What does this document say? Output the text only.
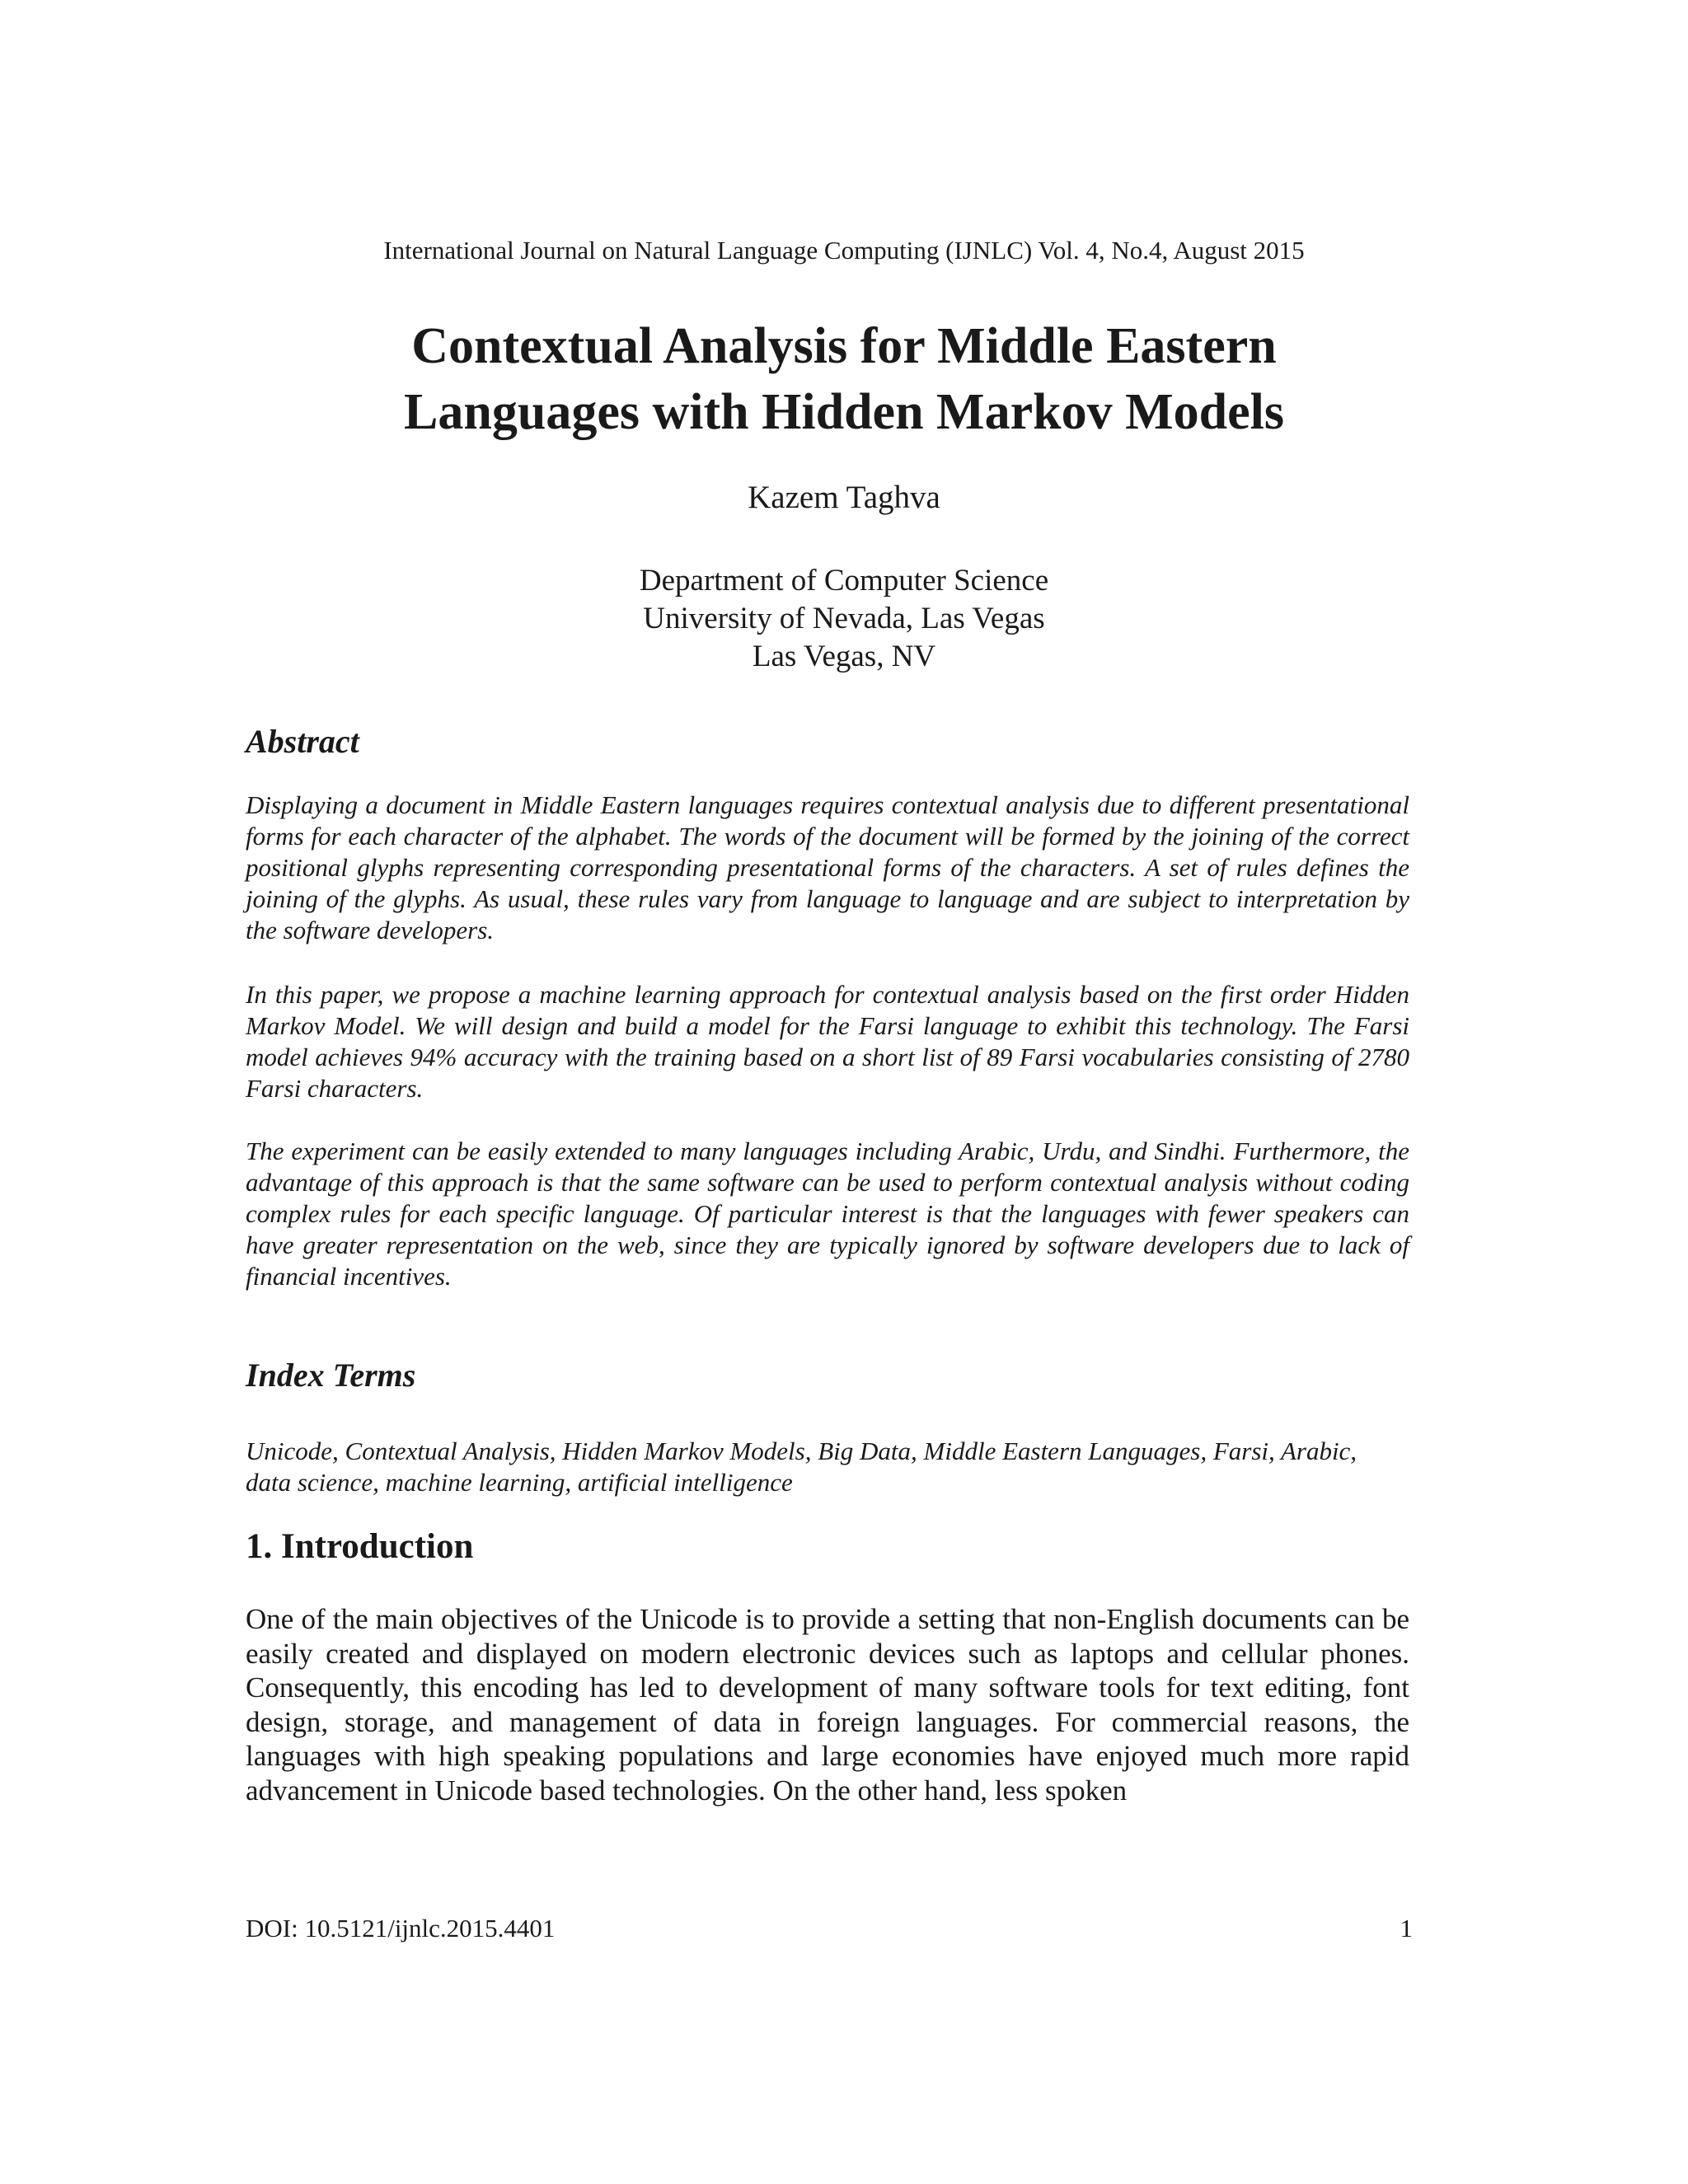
International Journal on Natural Language Computing (IJNLC) Vol. 4, No.4, August 2015
Contextual Analysis for Middle Eastern
Languages with Hidden Markov Models
Kazem Taghva
Department of Computer Science
University of Nevada, Las Vegas
Las Vegas, NV
Abstract

Displaying a document in Middle Eastern languages requires contextual analysis due to different presentational forms for each character of the alphabet. The words of the document will be formed by the joining of the correct positional glyphs representing corresponding presentational forms of the characters. A set of rules defines the joining of the glyphs. As usual, these rules vary from language to language and are subject to interpretation by the software developers.

In this paper, we propose a machine learning approach for contextual analysis based on the first order Hidden Markov Model. We will design and build a model for the Farsi language to exhibit this technology. The Farsi model achieves 94% accuracy with the training based on a short list of 89 Farsi vocabularies consisting of 2780 Farsi characters.

The experiment can be easily extended to many languages including Arabic, Urdu, and Sindhi. Furthermore, the advantage of this approach is that the same software can be used to perform contextual analysis without coding complex rules for each specific language. Of particular interest is that the languages with fewer speakers can have greater representation on the web, since they are typically ignored by software developers due to lack of financial incentives.

Index Terms

Unicode, Contextual Analysis, Hidden Markov Models, Big Data, Middle Eastern Languages, Farsi, Arabic, data science, machine learning, artificial intelligence

1. Introduction

One of the main objectives of the Unicode is to provide a setting that non-English documents can be easily created and displayed on modern electronic devices such as laptops and cellular phones. Consequently, this encoding has led to development of many software tools for text editing, font design, storage, and management of data in foreign languages. For commercial reasons, the languages with high speaking populations and large economies have enjoyed much more rapid advancement in Unicode based technologies. On the other hand, less spoken

DOI: 10.5121/ijnlc.2015.4401	1
